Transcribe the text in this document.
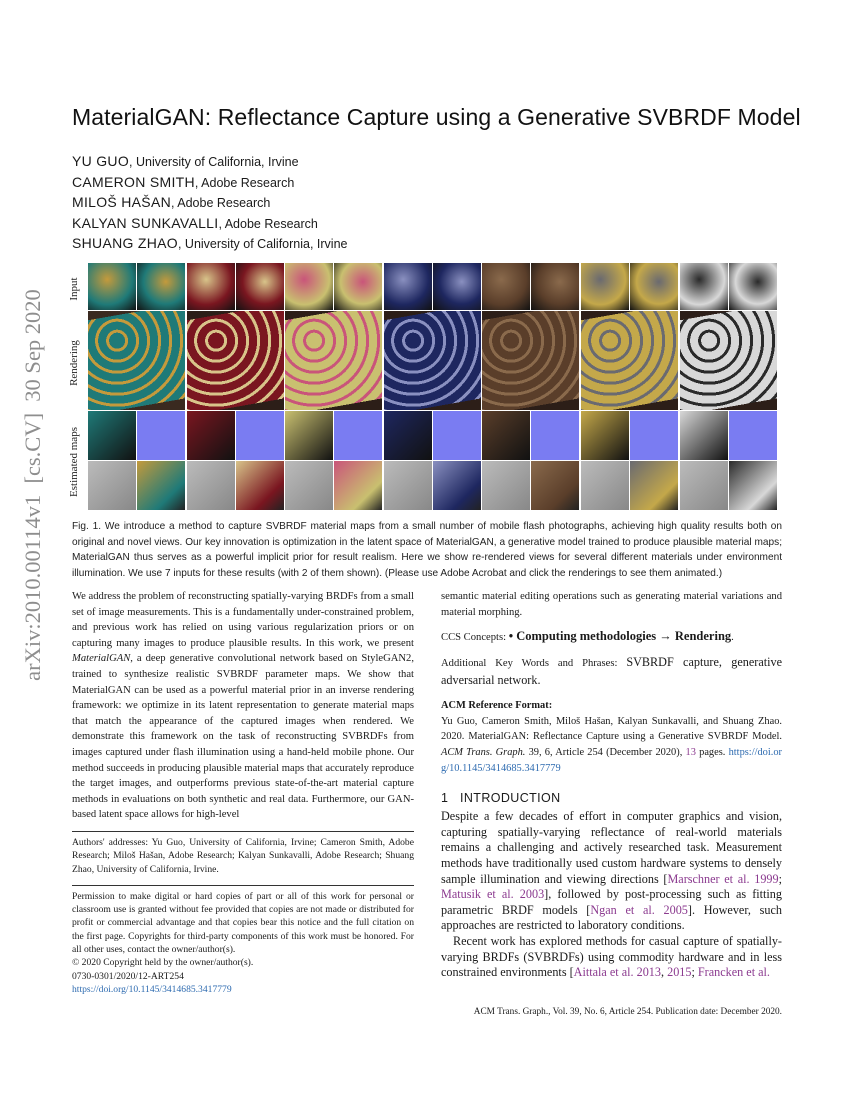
arXiv:2010.00114v1  [cs.CV]  30 Sep 2020
MaterialGAN: Reflectance Capture using a Generative SVBRDF Model
YU GUO, University of California, Irvine
CAMERON SMITH, Adobe Research
MILOŠ HAŠAN, Adobe Research
KALYAN SUNKAVALLI, Adobe Research
SHUANG ZHAO, University of California, Irvine
Input
Rendering
Estimated maps
Fig. 1. We introduce a method to capture SVBRDF material maps from a small number of mobile flash photographs, achieving high quality results both on original and novel views. Our key innovation is optimization in the latent space of MaterialGAN, a generative model trained to produce plausible material maps; MaterialGAN thus serves as a powerful implicit prior for result realism. Here we show re-rendered views for several different materials under environment illumination. We use 7 inputs for these results (with 2 of them shown). (Please use Adobe Acrobat and click the renderings to see them animated.)
We address the problem of reconstructing spatially-varying BRDFs from a small set of image measurements. This is a fundamentally under-constrained problem, and previous work has relied on using various regularization priors or on capturing many images to produce plausible results. In this work, we present MaterialGAN, a deep generative convolutional network based on StyleGAN2, trained to synthesize realistic SVBRDF parameter maps. We show that MaterialGAN can be used as a powerful material prior in an inverse rendering framework: we optimize in its latent representation to generate material maps that match the appearance of the captured images when rendered. We demonstrate this framework on the task of reconstructing SVBRDFs from images captured under flash illumination using a hand-held mobile phone. Our method succeeds in producing plausible material maps that accurately reproduce the target images, and outperforms previous state-of-the-art material capture methods in evaluations on both synthetic and real data. Furthermore, our GAN-based latent space allows for high-level
Authors' addresses: Yu Guo, University of California, Irvine; Cameron Smith, Adobe Research; Miloš Hašan, Adobe Research; Kalyan Sunkavalli, Adobe Research; Shuang Zhao, University of California, Irvine.
Permission to make digital or hard copies of part or all of this work for personal or classroom use is granted without fee provided that copies are not made or distributed for profit or commercial advantage and that copies bear this notice and the full citation on the first page. Copyrights for third-party components of this work must be honored. For all other uses, contact the owner/author(s).
© 2020 Copyright held by the owner/author(s).
0730-0301/2020/12-ART254
https://doi.org/10.1145/3414685.3417779
semantic material editing operations such as generating material variations and material morphing.
CCS Concepts: • Computing methodologies → Rendering.
Additional Key Words and Phrases: SVBRDF capture, generative adversarial network.
ACM Reference Format:
Yu Guo, Cameron Smith, Miloš Hašan, Kalyan Sunkavalli, and Shuang Zhao. 2020. MaterialGAN: Reflectance Capture using a Generative SVBRDF Model. ACM Trans. Graph. 39, 6, Article 254 (December 2020), 13 pages. https://doi.org/10.1145/3414685.3417779
1 INTRODUCTION

Despite a few decades of effort in computer graphics and vision, capturing spatially-varying reflectance of real-world materials remains a challenging and actively researched task. Measurement methods have traditionally used custom hardware systems to densely sample illumination and viewing directions [Marschner et al. 1999; Matusik et al. 2003], followed by post-processing such as fitting parametric BRDF models [Ngan et al. 2005]. However, such approaches are restricted to laboratory conditions.

Recent work has explored methods for casual capture of spatially-varying BRDFs (SVBRDFs) using commodity hardware and in less constrained environments [Aittala et al. 2013, 2015; Francken et al.

ACM Trans. Graph., Vol. 39, No. 6, Article 254. Publication date: December 2020.
